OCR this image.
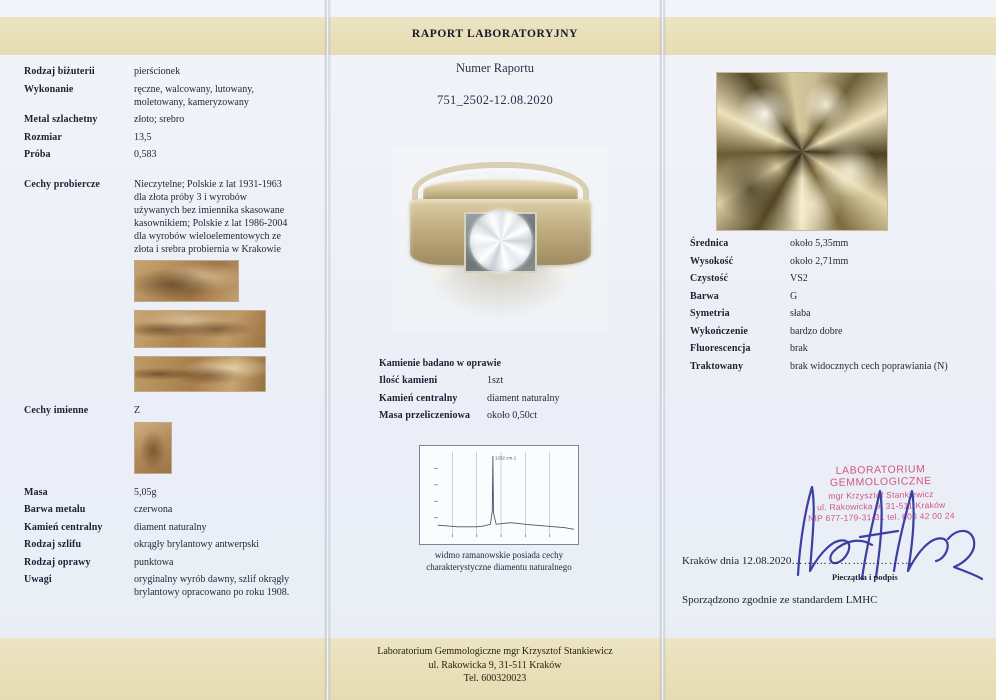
Rodzaj biżuterii	pierścionek
Wykonanie	ręczne, walcowany, lutowany,
moletowany, kameryzowany
Metal szlachetny	złoto; srebro
Rozmiar	13,5
Próba	0,583
Cechy probiercze	Nieczytelne; Polskie z lat 1931-1963
dla złota próby 3 i wyrobów
używanych bez imiennika skasowane
kasownikiem; Polskie z lat 1986-2004
dla wyrobów wieloelementowych ze
złota i srebra probiernia w Krakowie
Cechy imienne	Z
Masa	5,05g
Barwa metalu	czerwona
Kamień centralny	diament naturalny
Rodzaj szlifu	okrągły brylantowy antwerpski
Rodzaj oprawy	punktowa
Uwagi	oryginalny wyrób dawny, szlif okrągły
brylantowy opracowano po roku 1908.
RAPORT LABORATORYJNY
Numer Raportu
751_2502-12.08.2020
Kamienie badano w oprawie
Ilość kamieni	1szt
Kamień centralny	diament naturalny
Masa przeliczeniowa	około 0,50ct
1332 cm-1
widmo ramanowskie posiada cechy
charakterystyczne diamentu naturalnego
Średnica	około 5,35mm
Wysokość	około 2,71mm
Czystość	VS2
Barwa	G
Symetria	słaba
Wykończenie	bardzo dobre
Fluorescencja	brak
Traktowany	brak widocznych cech poprawiania (N)
LABORATORIUM GEMMOLOGICZNE
mgr Krzysztof Stankiewicz
ul. Rakowicka 9, 31-511 Kraków
NIP 677-179-31-31 tel. 600 42 00 24
Kraków dnia 12.08.2020…………………………
Pieczątka i podpis
Sporządzono zgodnie ze standardem LMHC
Laboratorium Gemmologiczne mgr Krzysztof Stankiewicz
ul. Rakowicka 9, 31-511 Kraków
Tel. 600320023
